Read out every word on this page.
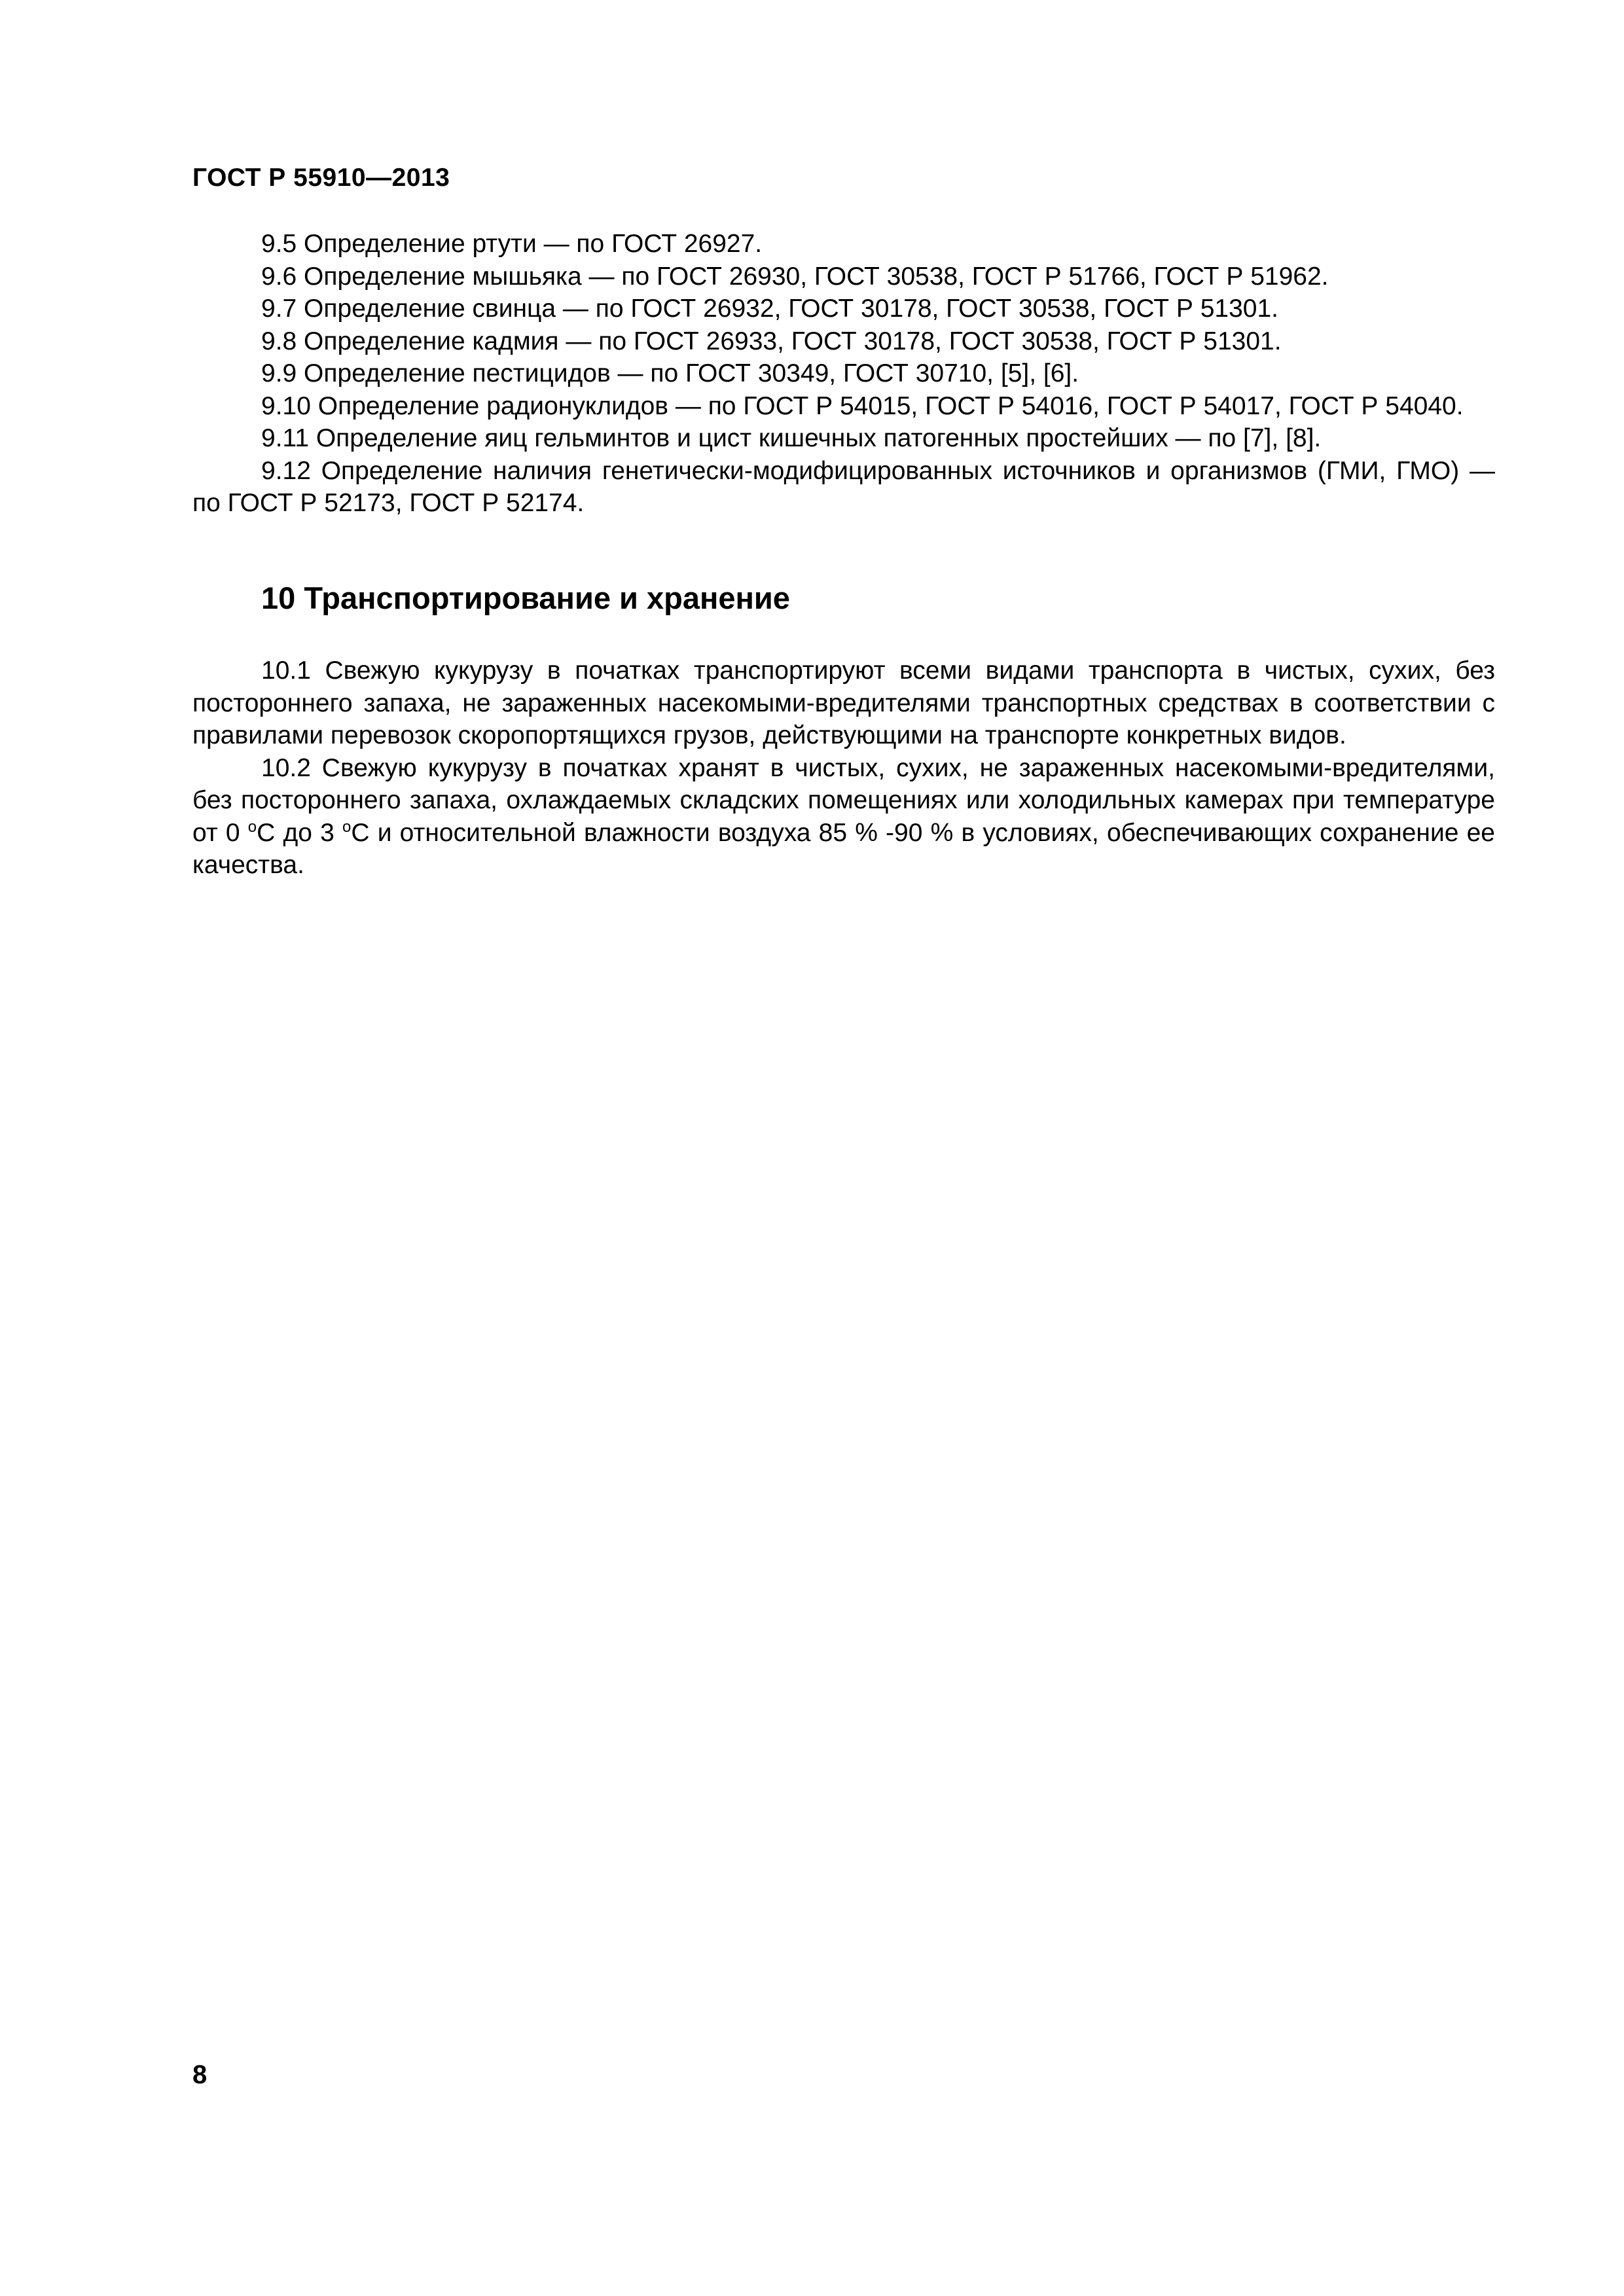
ГОСТ Р 55910—2013

9.5 Определение ртути — по ГОСТ 26927.

9.6 Определение мышьяка — по ГОСТ 26930, ГОСТ 30538, ГОСТ Р 51766, ГОСТ Р 51962.

9.7 Определение свинца — по ГОСТ 26932, ГОСТ 30178, ГОСТ 30538, ГОСТ Р 51301.

9.8 Определение кадмия — по ГОСТ 26933, ГОСТ 30178, ГОСТ 30538, ГОСТ Р 51301.

9.9 Определение пестицидов — по ГОСТ 30349, ГОСТ 30710, [5], [6].

9.10 Определение радионуклидов — по ГОСТ Р 54015, ГОСТ Р 54016, ГОСТ Р 54017, ГОСТ Р 54040.

9.11 Определение яиц гельминтов и цист кишечных патогенных простейших — по [7], [8].

9.12 Определение наличия генетически-модифицированных источников и организмов (ГМИ, ГМО) — по ГОСТ Р 52173, ГОСТ Р 52174.

10 Транспортирование и хранение

10.1 Свежую кукурузу в початках транспортируют всеми видами транспорта в чистых, сухих, без постороннего запаха, не зараженных насекомыми-вредителями транспортных средствах в соответствии с правилами перевозок скоропортящихся грузов, действующими на транспорте конкретных видов.

10.2 Свежую кукурузу в початках хранят в чистых, сухих, не зараженных насекомыми-вредителями, без постороннего запаха, охлаждаемых складских помещениях или холодильных камерах при температуре от 0 $^o$С до 3 $^o$С и относительной влажности воздуха 85 % -90 % в условиях, обеспечивающих сохранение ее качества.

8
